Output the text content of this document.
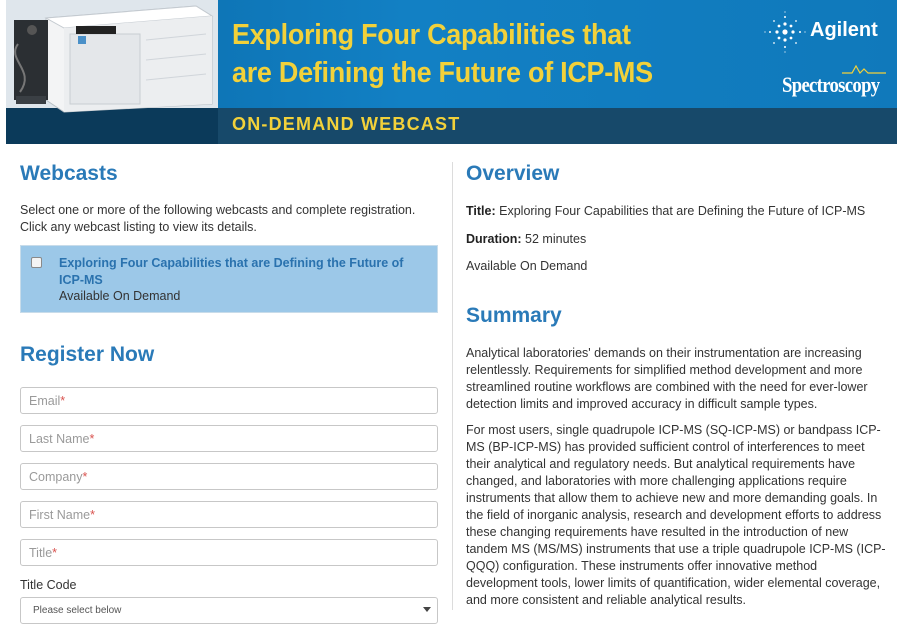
Exploring Four Capabilities that
are Defining the Future of ICP-MS
ON-DEMAND WEBCAST
Agilent
Spectroscopy
Webcasts

Select one or more of the following webcasts and complete registration. Click any webcast listing to view its details.

Exploring Four Capabilities that are Defining the Future of ICP-MS
Available On Demand
Register Now
Email*
Last Name*
Company*
First Name*
Title*
Title Code
Please select below
Overview
Title: Exploring Four Capabilities that are Defining the Future of ICP-MS
Duration: 52 minutes
Available On Demand
Summary

Analytical laboratories' demands on their instrumentation are increasing relentlessly. Requirements for simplified method development and more streamlined routine workflows are combined with the need for ever-lower detection limits and improved accuracy in difficult sample types.

For most users, single quadrupole ICP-MS (SQ-ICP-MS) or bandpass ICP-MS (BP-ICP-MS) has provided sufficient control of interferences to meet their analytical and regulatory needs. But analytical requirements have changed, and laboratories with more challenging applications require instruments that allow them to achieve new and more demanding goals. In the field of inorganic analysis, research and development efforts to address these changing requirements have resulted in the introduction of new tandem MS (MS/MS) instruments that use a triple quadrupole ICP-MS (ICP-QQQ) configuration. These instruments offer innovative method development tools, lower limits of quantification, wider elemental coverage, and more consistent and reliable analytical results.
